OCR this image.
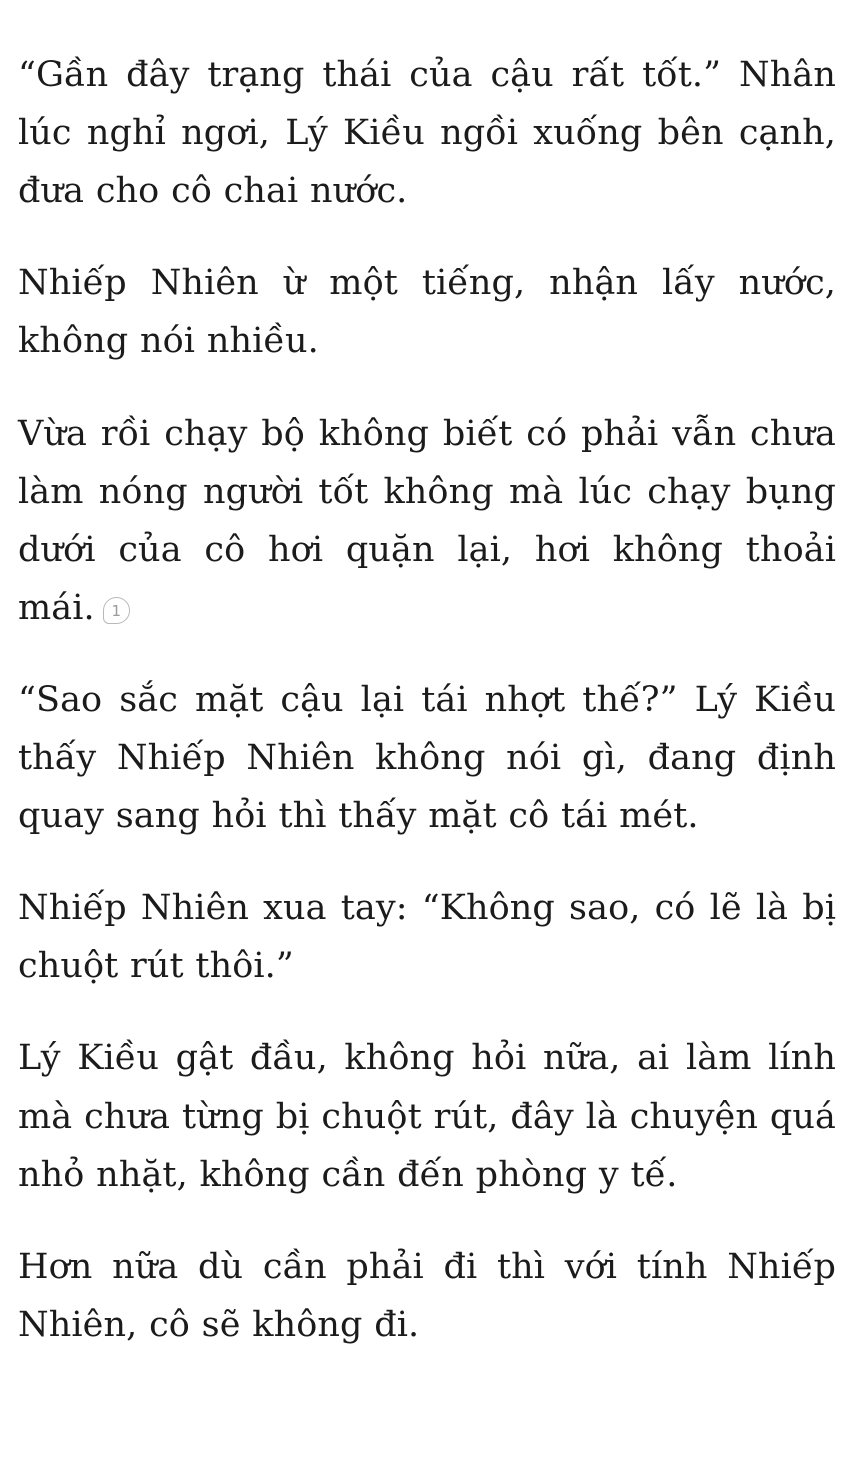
“Gần đây trạng thái của cậu rất tốt.” Nhân lúc nghỉ ngơi, Lý Kiều ngồi xuống bên cạnh, đưa cho cô chai nước.

Nhiếp Nhiên ừ một tiếng, nhận lấy nước, không nói nhiều.

Vừa rồi chạy bộ không biết có phải vẫn chưa làm nóng người tốt không mà lúc chạy bụng dưới của cô hơi quặn lại, hơi không thoải mái. 1

“Sao sắc mặt cậu lại tái nhợt thế?” Lý Kiều thấy Nhiếp Nhiên không nói gì, đang định quay sang hỏi thì thấy mặt cô tái mét.

Nhiếp Nhiên xua tay: “Không sao, có lẽ là bị chuột rút thôi.”

Lý Kiều gật đầu, không hỏi nữa, ai làm lính mà chưa từng bị chuột rút, đây là chuyện quá nhỏ nhặt, không cần đến phòng y tế.

Hơn nữa dù cần phải đi thì với tính Nhiếp Nhiên, cô sẽ không đi.
